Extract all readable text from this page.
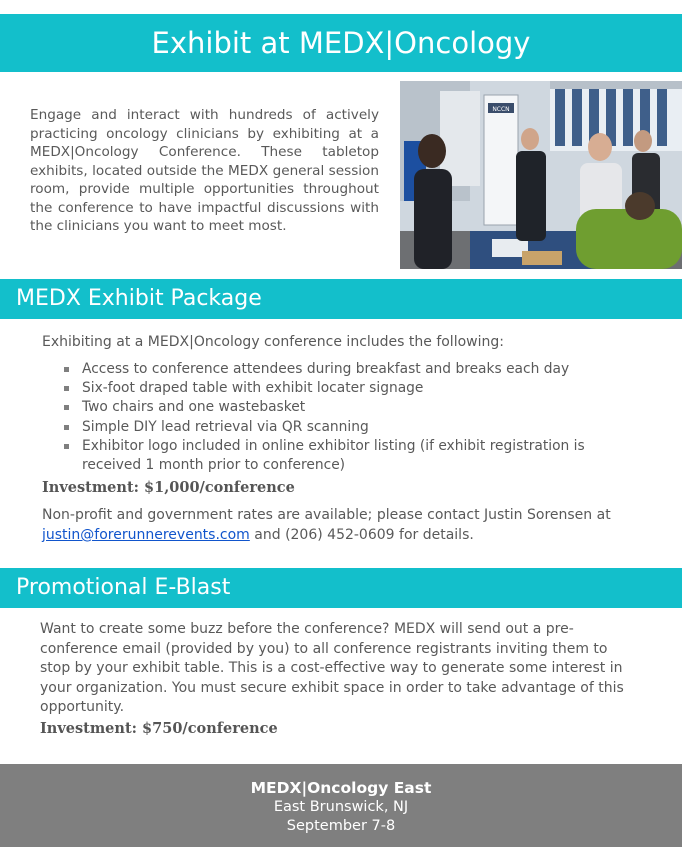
Exhibit at MEDX|Oncology
Engage and interact with hundreds of actively practicing oncology clinicians by exhibiting at a MEDX|Oncology Conference. These tabletop exhibits, located outside the MEDX general session room, provide multiple opportunities throughout the conference to have impactful discussions with the clinicians you want to meet most.
NCCN
MEDX Exhibit Package
Exhibiting at a MEDX|Oncology conference includes the following:
Access to conference attendees during breakfast and breaks each day
Six-foot draped table with exhibit locater signage
Two chairs and one wastebasket
Simple DIY lead retrieval via QR scanning
Exhibitor logo included in online exhibitor listing (if exhibit registration is received 1 month prior to conference)
Investment: $1,000/conference
Non-profit and government rates are available; please contact Justin Sorensen at justin@forerunnerevents.com and (206) 452-0609 for details.
Promotional E-Blast
Want to create some buzz before the conference? MEDX will send out a pre-conference email (provided by you) to all conference registrants inviting them to stop by your exhibit table. This is a cost-effective way to generate some interest in your organization. You must secure exhibit space in order to take advantage of this opportunity.
Investment: $750/conference
MEDX|Oncology East
East Brunswick, NJ
September 7-8
